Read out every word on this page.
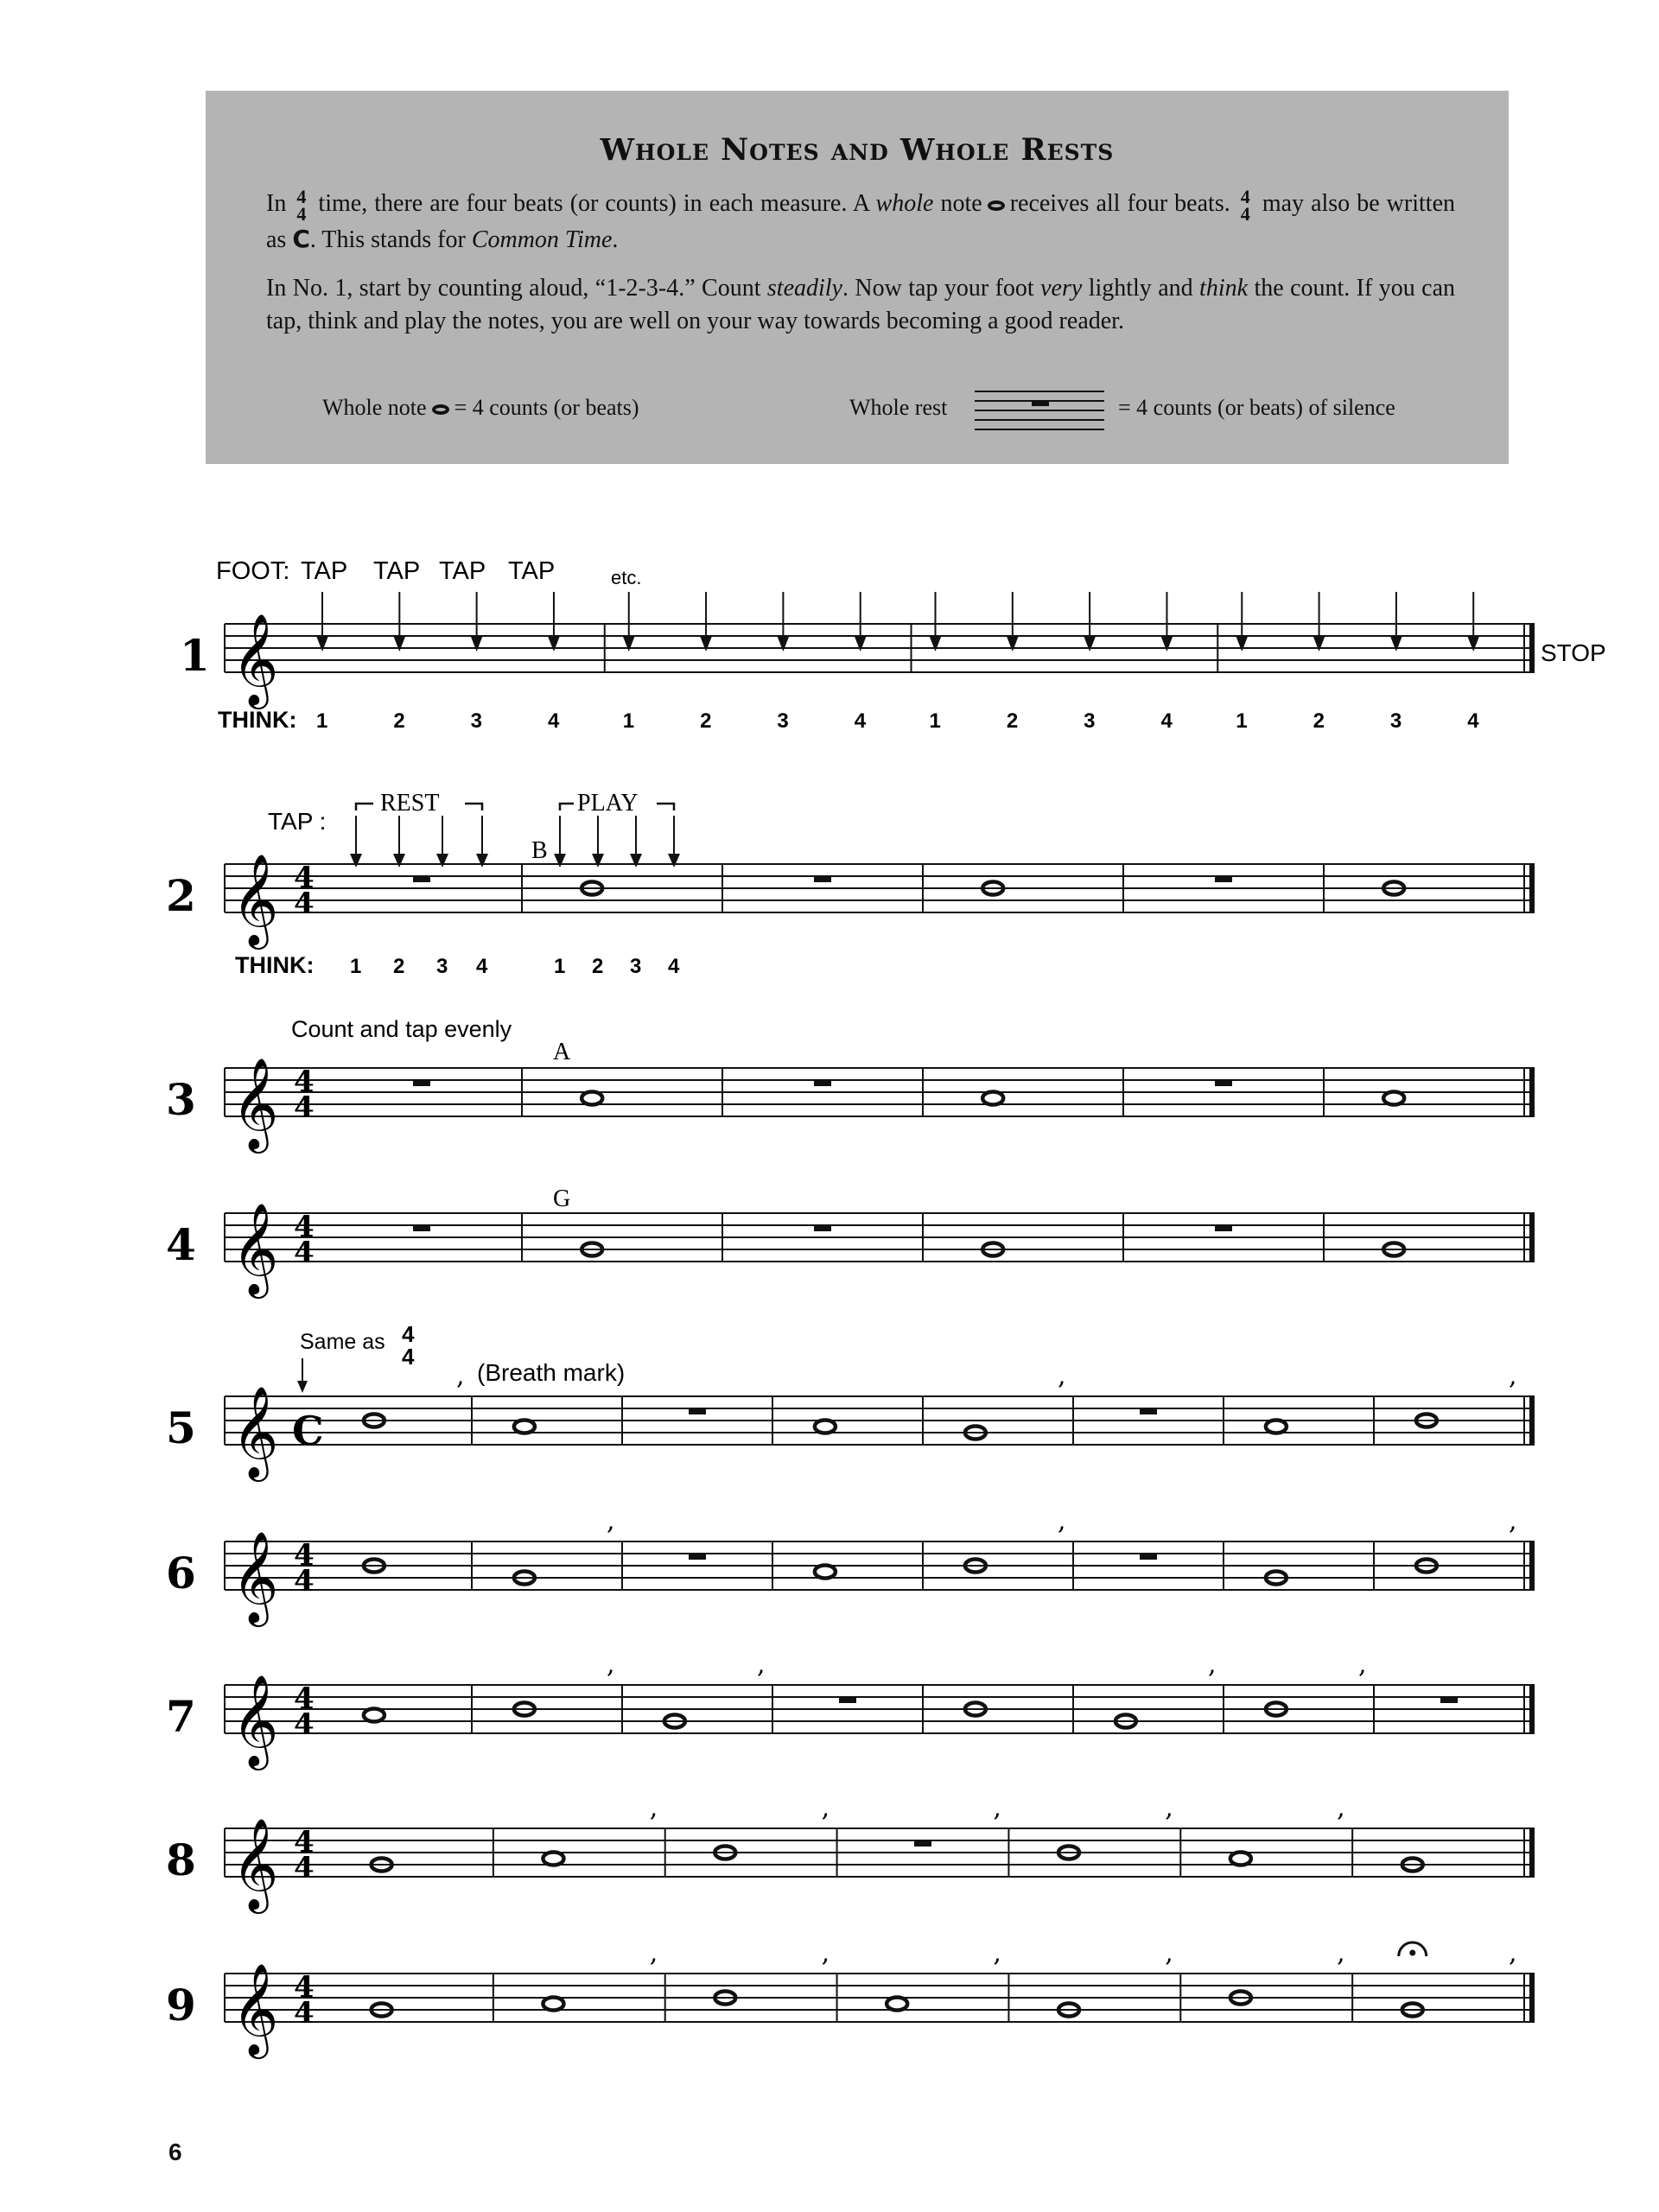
Whole Notes and Whole Rests
In 4
4 time, there are four beats (or counts) in each measure. A whole note receives all four beats. 4
4 may also be written as C. This stands for Common Time.
In No. 1, start by counting aloud, “1-2-3-4.” Count steadily. Now tap your foot very lightly and think the count. If you can tap, think and play the notes, you are well on your way towards becoming a good reader.
Whole note = 4 counts (or beats)	Whole rest	= 4 counts (or beats) of silence
1 𝄞
2 𝄞 4
4
3 𝄞 4
4
4 𝄞 4
4
5 𝄞 C
,	,	,
6 𝄞 4
4
,	,	,
7 𝄞 4
4
,	,	,	,
8 𝄞 4
4
,	,	,	,	,
9 𝄞 4
4
,	,	,	,	,	,
FOOT: TAP TAP TAP TAP	etc.
STOP
THINK: 1	2	3	4	1	2	3	4	1	2	3	4	1	2	3	4
TAP :
REST	PLAY
B
THINK: 1 2 3 4	1 2 3 4
Count and tap evenly
A
G
Same as 4
4
(Breath mark)
6
